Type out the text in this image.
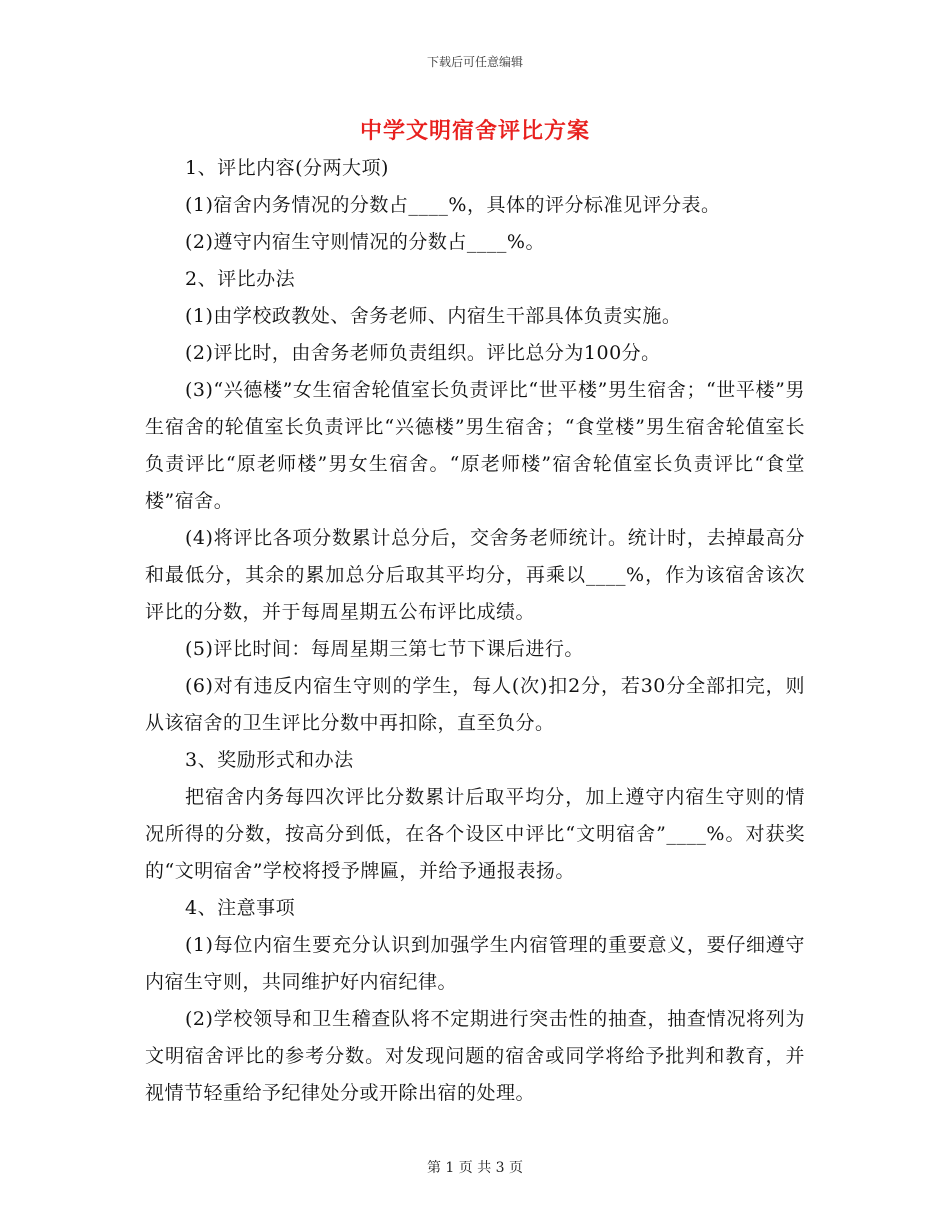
下载后可任意编辑
中学文明宿舍评比方案

1、评比内容(分两大项)

(1)宿舍内务情况的分数占____%，具体的评分标准见评分表。

(2)遵守内宿生守则情况的分数占____%。

2、评比办法

(1)由学校政教处、舍务老师、内宿生干部具体负责实施。

(2)评比时，由舍务老师负责组织。评比总分为100分。

(3)“兴德楼”女生宿舍轮值室长负责评比“世平楼”男生宿舍；“世平楼”男生宿舍的轮值室长负责评比“兴德楼”男生宿舍；“食堂楼”男生宿舍轮值室长负责评比“原老师楼”男女生宿舍。“原老师楼”宿舍轮值室长负责评比“食堂楼”宿舍。

(4)将评比各项分数累计总分后，交舍务老师统计。统计时，去掉最高分和最低分，其余的累加总分后取其平均分，再乘以____%，作为该宿舍该次评比的分数，并于每周星期五公布评比成绩。

(5)评比时间：每周星期三第七节下课后进行。

(6)对有违反内宿生守则的学生，每人(次)扣2分，若30分全部扣完，则从该宿舍的卫生评比分数中再扣除，直至负分。

3、奖励形式和办法

把宿舍内务每四次评比分数累计后取平均分，加上遵守内宿生守则的情况所得的分数，按高分到低，在各个设区中评比“文明宿舍”____%。对获奖的“文明宿舍”学校将授予牌匾，并给予通报表扬。

4、注意事项

(1)每位内宿生要充分认识到加强学生内宿管理的重要意义，要仔细遵守内宿生守则，共同维护好内宿纪律。

(2)学校领导和卫生稽查队将不定期进行突击性的抽查，抽查情况将列为文明宿舍评比的参考分数。对发现问题的宿舍或同学将给予批判和教育，并视情节轻重给予纪律处分或开除出宿的处理。

第 1 页 共 3 页
